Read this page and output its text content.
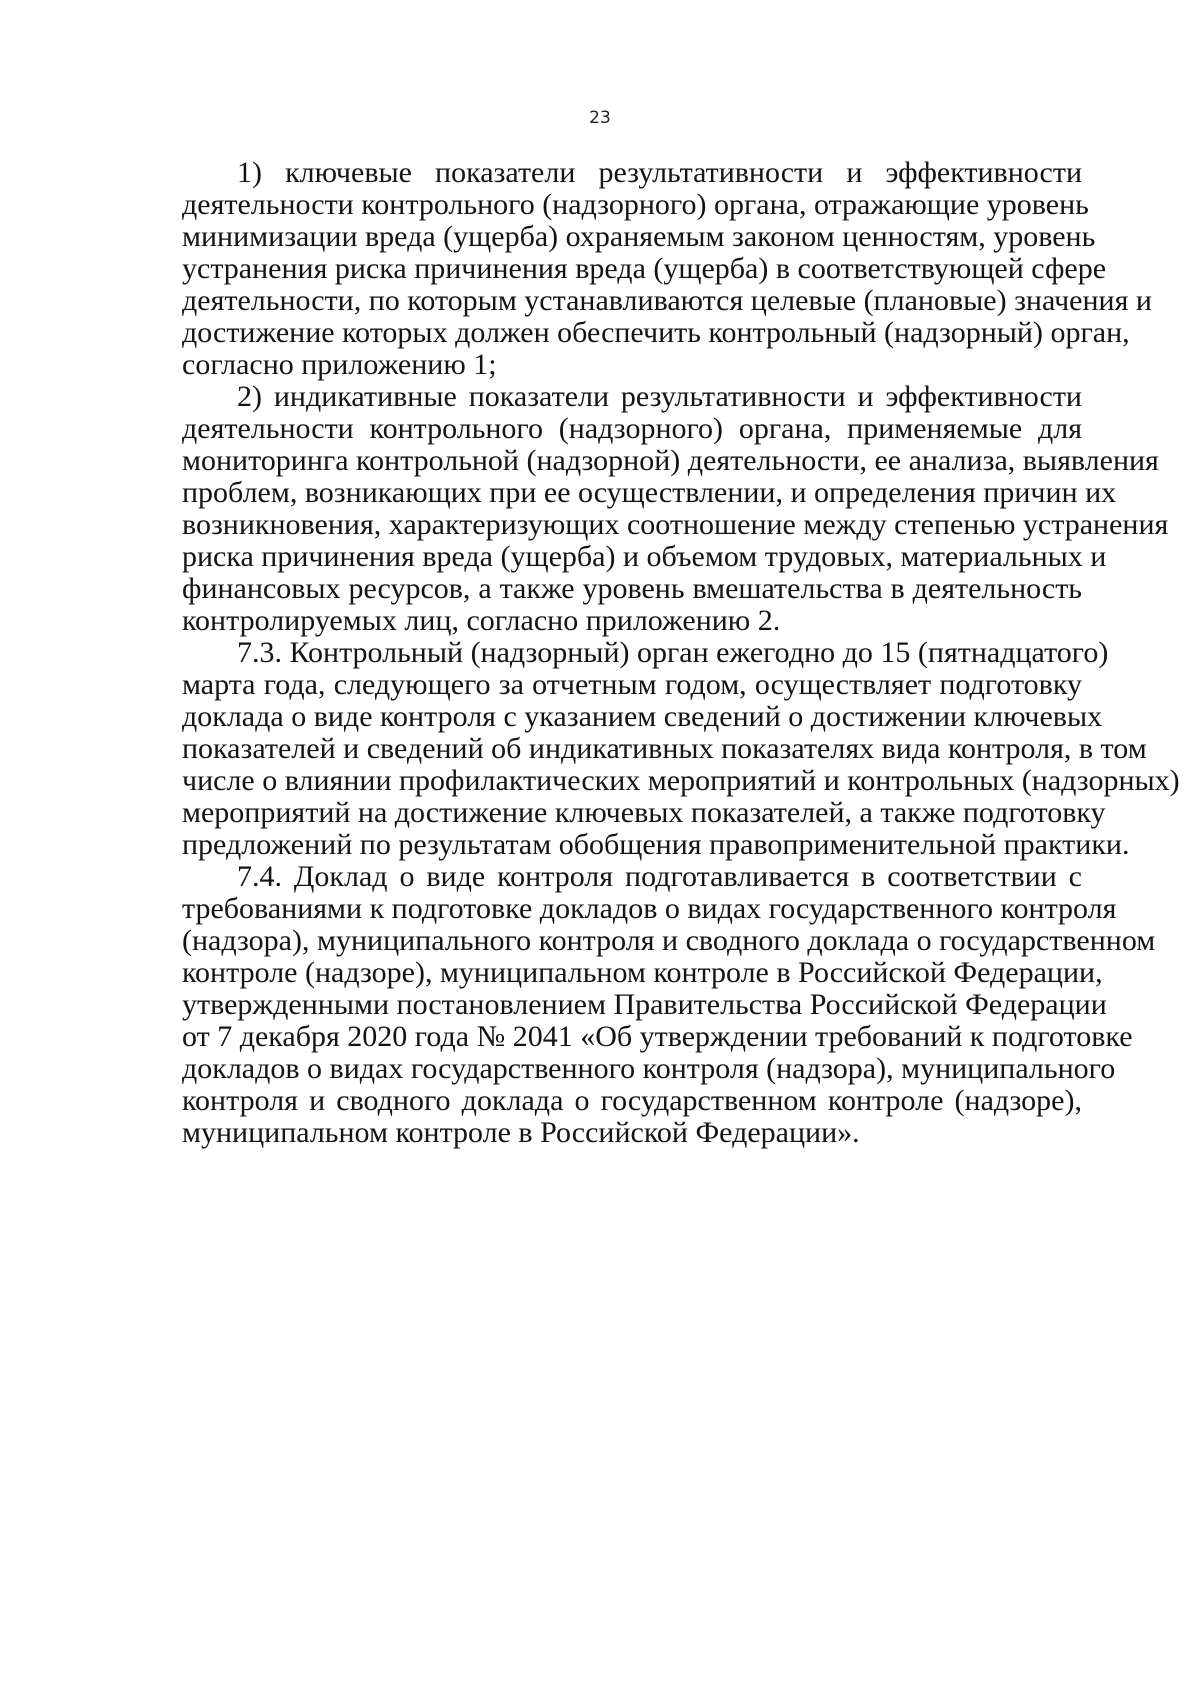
23
1) ключевые показатели результативности и эффективности
деятельности контрольного (надзорного) органа, отражающие уровень
минимизации вреда (ущерба) охраняемым законом ценностям, уровень
устранения риска причинения вреда (ущерба) в соответствующей сфере
деятельности, по которым устанавливаются целевые (плановые) значения и
достижение которых должен обеспечить контрольный (надзорный) орган,
согласно приложению 1;
2) индикативные показатели результативности и эффективности
деятельности контрольного (надзорного) органа, применяемые для
мониторинга контрольной (надзорной) деятельности, ее анализа, выявления
проблем, возникающих при ее осуществлении, и определения причин их
возникновения, характеризующих соотношение между степенью устранения
риска причинения вреда (ущерба) и объемом трудовых, материальных и
финансовых ресурсов, а также уровень вмешательства в деятельность
контролируемых лиц, согласно приложению 2.
7.3. Контрольный (надзорный) орган ежегодно до 15 (пятнадцатого)
марта года, следующего за отчетным годом, осуществляет подготовку
доклада о виде контроля с указанием сведений о достижении ключевых
показателей и сведений об индикативных показателях вида контроля, в том
числе о влиянии профилактических мероприятий и контрольных (надзорных)
мероприятий на достижение ключевых показателей, а также подготовку
предложений по результатам обобщения правоприменительной практики.
7.4. Доклад о виде контроля подготавливается в соответствии с
требованиями к подготовке докладов о видах государственного контроля
(надзора), муниципального контроля и сводного доклада о государственном
контроле (надзоре), муниципальном контроле в Российской Федерации,
утвержденными постановлением Правительства Российской Федерации
от 7 декабря 2020 года № 2041 «Об утверждении требований к подготовке
докладов о видах государственного контроля (надзора), муниципального
контроля и сводного доклада о государственном контроле (надзоре),
муниципальном контроле в Российской Федерации».
